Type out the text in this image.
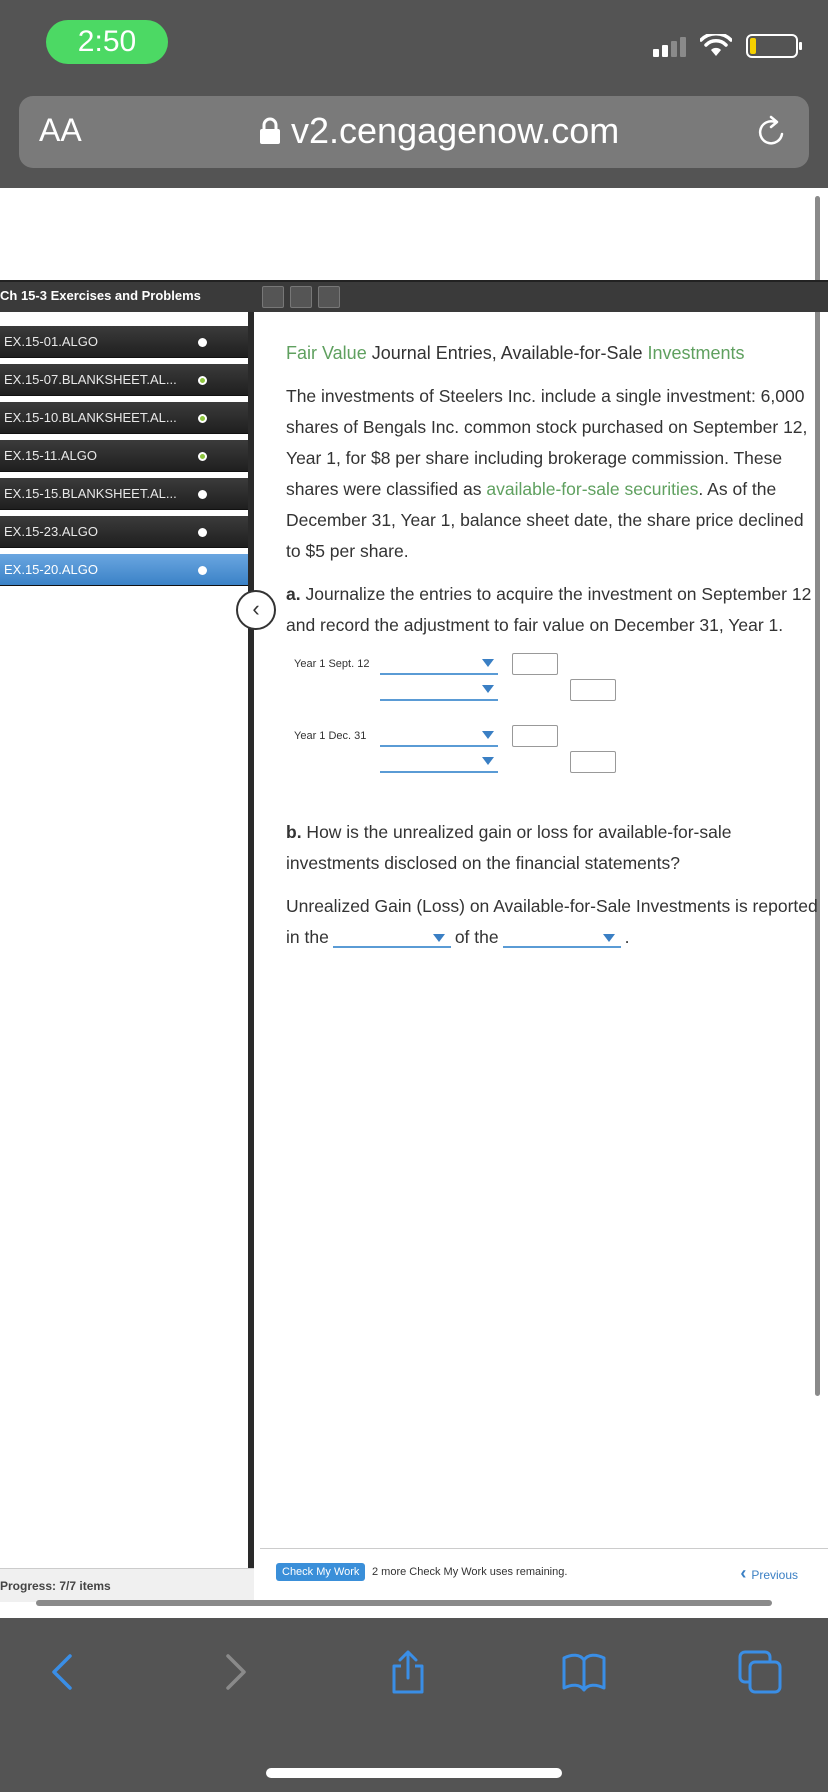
2:50
AA	v2.cengagenow.com
Ch 15-3 Exercises and Problems
EX.15-01.ALGO
EX.15-07.BLANKSHEET.AL...
EX.15-10.BLANKSHEET.AL...
EX.15-11.ALGO
EX.15-15.BLANKSHEET.AL...
EX.15-23.ALGO
EX.15-20.ALGO
Progress: 7/7 items
‹
Fair Value Journal Entries, Available-for-Sale Investments

The investments of Steelers Inc. include a single investment: 6,000 shares of Bengals Inc. common stock purchased on September 12, Year 1, for $8 per share including brokerage commission. These shares were classified as available-for-sale securities. As of the December 31, Year 1, balance sheet date, the share price declined to $5 per share.

a. Journalize the entries to acquire the investment on September 12 and record the adjustment to fair value on December 31, Year 1.

Year 1 Sept. 12
Year 1 Dec. 31

b. How is the unrealized gain or loss for available-for-sale investments disclosed on the financial statements?

Unrealized Gain (Loss) on Available-for-Sale Investments is reported in the	of the	.

Check My Work	2 more Check My Work uses remaining.	‹ Previous
